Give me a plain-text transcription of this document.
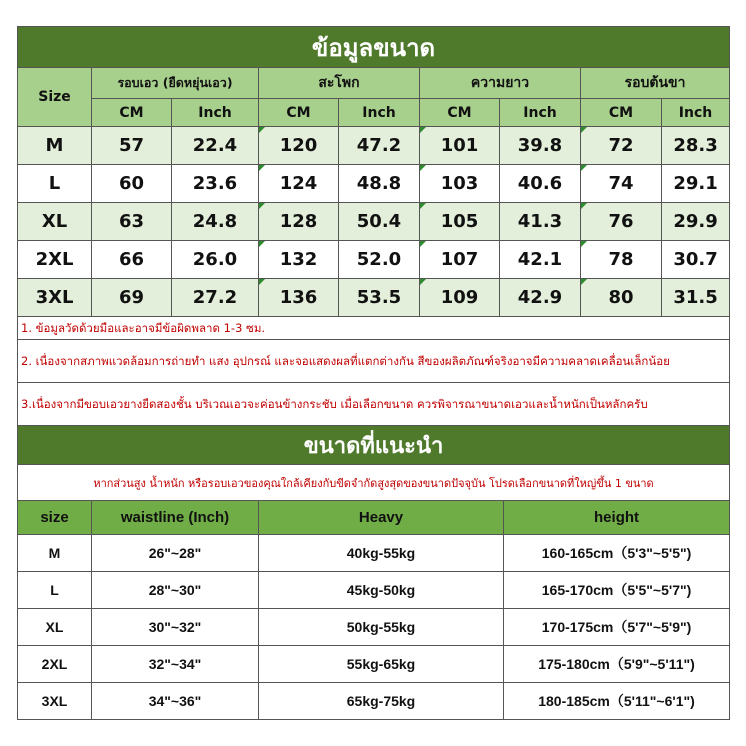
ข้อมูลขนาด								
Size	รอบเอว (ยืดหยุ่นเอว)		สะโพก		ความยาว		รอบต้นขา	
	CM	Inch	CM	Inch	CM	Inch	CM	Inch
M	57	22.4	120	47.2	101	39.8	72	28.3
L	60	23.6	124	48.8	103	40.6	74	29.1
XL	63	24.8	128	50.4	105	41.3	76	29.9
2XL	66	26.0	132	52.0	107	42.1	78	30.7
3XL	69	27.2	136	53.5	109	42.9	80	31.5
1. ข้อมูลวัดด้วยมือและอาจมีข้อผิดพลาด 1-3 ซม.								
2. เนื่องจากสภาพแวดล้อมการถ่ายทำ แสง อุปกรณ์ และจอแสดงผลที่แตกต่างกัน สีของผลิตภัณฑ์จริงอาจมีความคลาดเคลื่อนเล็กน้อย								
3.เนื่องจากมีขอบเอวยางยืดสองชั้น บริเวณเอวจะค่อนข้างกระชับ เมื่อเลือกขนาด ควรพิจารณาขนาดเอวและน้ำหนักเป็นหลักครับ								
ขนาดที่แนะนำ			
หากส่วนสูง น้ำหนัก หรือรอบเอวของคุณใกล้เคียงกับขีดจำกัดสูงสุดของขนาดปัจจุบัน โปรดเลือกขนาดที่ใหญ่ขึ้น 1 ขนาด			
size	waistline (Inch)	Heavy	height
M	26"~28"	40kg-55kg	160-165cm（5'3"~5'5")
L	28"~30"	45kg-50kg	165-170cm（5'5"~5'7")
XL	30"~32"	50kg-55kg	170-175cm（5'7"~5'9")
2XL	32"~34"	55kg-65kg	175-180cm（5'9"~5'11")
3XL	34"~36"	65kg-75kg	180-185cm（5'11"~6'1")
